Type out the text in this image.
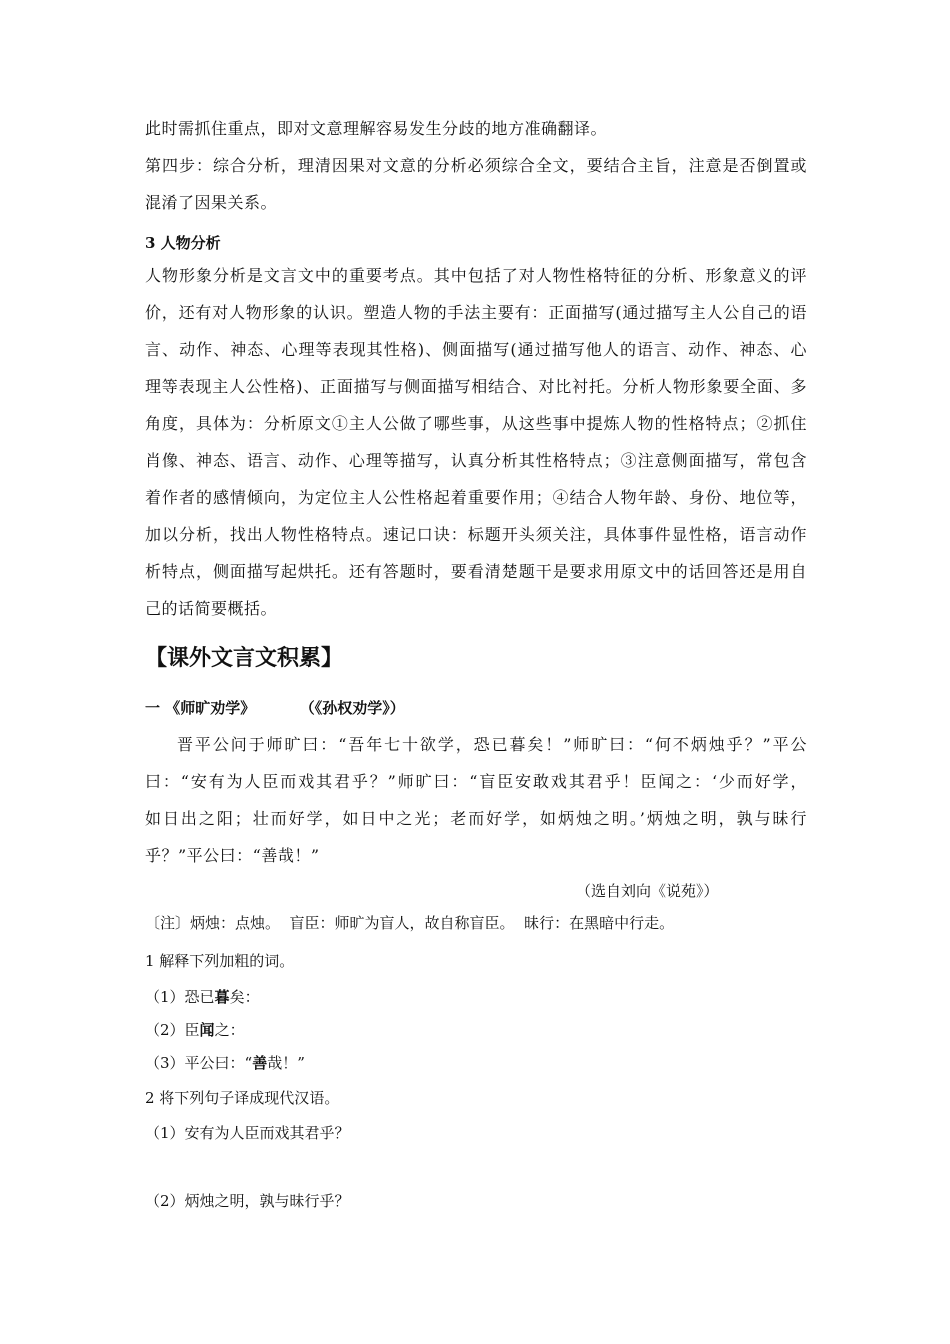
此时需抓住重点，即对文意理解容易发生分歧的地方准确翻译。
第四步：综合分析，理清因果对文意的分析必须综合全文，要结合主旨，注意是否倒置或
混淆了因果关系。
3 人物分析
人物形象分析是文言文中的重要考点。其中包括了对人物性格特征的分析、形象意义的评
价，还有对人物形象的认识。塑造人物的手法主要有：正面描写(通过描写主人公自己的语
言、动作、神态、心理等表现其性格)、侧面描写(通过描写他人的语言、动作、神态、心
理等表现主人公性格)、正面描写与侧面描写相结合、对比衬托。分析人物形象要全面、多
角度，具体为：分析原文①主人公做了哪些事，从这些事中提炼人物的性格特点；②抓住
肖像、神态、语言、动作、心理等描写，认真分析其性格特点；③注意侧面描写，常包含
着作者的感情倾向，为定位主人公性格起着重要作用；④结合人物年龄、身份、地位等，
加以分析，找出人物性格特点。速记口诀：标题开头须关注，具体事件显性格，语言动作
析特点，侧面描写起烘托。还有答题时，要看清楚题干是要求用原文中的话回答还是用自
己的话简要概括。
【课外文言文积累】
一 《师旷劝学》	（《孙权劝学》）
晋平公问于师旷曰：“吾年七十欲学，恐已暮矣！”师旷曰：“何不炳烛乎？”平公
曰：“安有为人臣而戏其君乎？”师旷曰：“盲臣安敢戏其君乎！臣闻之：‘少而好学，
如日出之阳；壮而好学，如日中之光；老而好学，如炳烛之明。’炳烛之明，孰与昧行
乎？”平公曰：“善哉！”
（选自刘向《说苑》）
〔注〕炳烛：点烛。  盲臣：师旷为盲人，故自称盲臣。  昧行：在黑暗中行走。
1 解释下列加粗的词。
（1）恐已暮矣：
（2）臣闻之：
（3）平公曰：“善哉！”
2 将下列句子译成现代汉语。
（1）安有为人臣而戏其君乎？
（2）炳烛之明，孰与昧行乎？
